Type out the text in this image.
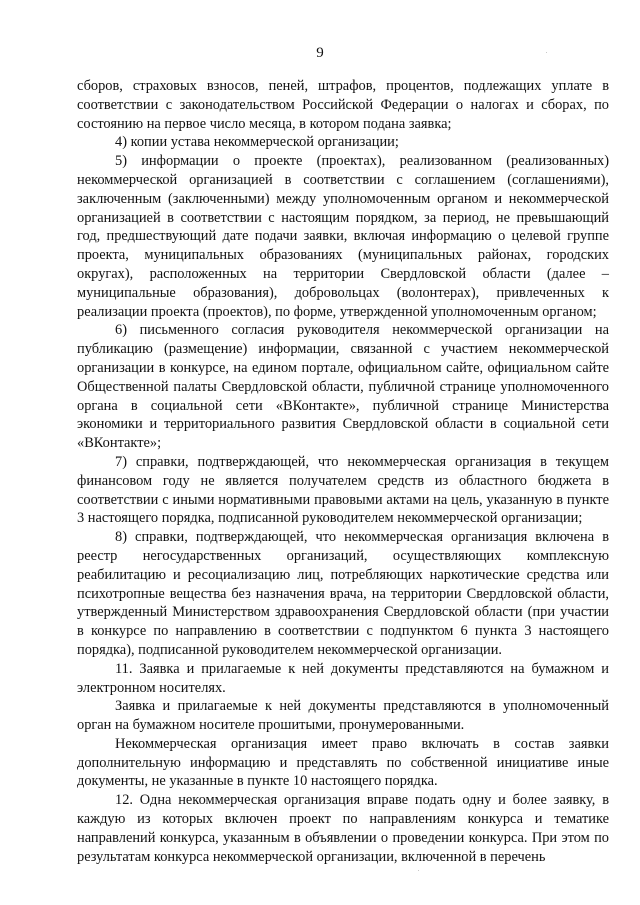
9

сборов, страховых взносов, пеней, штрафов, процентов, подлежащих уплате в соответствии с законодательством Российской Федерации о налогах и сборах, по состоянию на первое число месяца, в котором подана заявка;

4) копии устава некоммерческой организации;

5) информации о проекте (проектах), реализованном (реализованных) некоммерческой организацией в соответствии с соглашением (соглашениями), заключенным (заключенными) между уполномоченным органом и некоммерческой организацией в соответствии с настоящим порядком, за период, не превышающий год, предшествующий дате подачи заявки, включая информацию о целевой группе проекта, муниципальных образованиях (муниципальных районах, городских округах), расположенных на территории Свердловской области (далее – муниципальные образования), добровольцах (волонтерах), привлеченных к реализации проекта (проектов), по форме, утвержденной уполномоченным органом;

6) письменного согласия руководителя некоммерческой организации на публикацию (размещение) информации, связанной с участием некоммерческой организации в конкурсе, на едином портале, официальном сайте, официальном сайте Общественной палаты Свердловской области, публичной странице уполномоченного органа в социальной сети «ВКонтакте», публичной странице Министерства экономики и территориального развития Свердловской области в социальной сети «ВКонтакте»;

7) справки, подтверждающей, что некоммерческая организация в текущем финансовом году не является получателем средств из областного бюджета в соответствии с иными нормативными правовыми актами на цель, указанную в пункте 3 настоящего порядка, подписанной руководителем некоммерческой организации;

8) справки, подтверждающей, что некоммерческая организация включена в реестр негосударственных организаций, осуществляющих комплексную реабилитацию и ресоциализацию лиц, потребляющих наркотические средства или психотропные вещества без назначения врача, на территории Свердловской области, утвержденный Министерством здравоохранения Свердловской области (при участии в конкурсе по направлению в соответствии с подпунктом 6 пункта 3 настоящего порядка), подписанной руководителем некоммерческой организации.

11. Заявка и прилагаемые к ней документы представляются на бумажном и электронном носителях.

Заявка и прилагаемые к ней документы представляются в уполномоченный орган на бумажном носителе прошитыми, пронумерованными.

Некоммерческая организация имеет право включать в состав заявки дополнительную информацию и представлять по собственной инициативе иные документы, не указанные в пункте 10 настоящего порядка.

12. Одна некоммерческая организация вправе подать одну и более заявку, в каждую из которых включен проект по направлениям конкурса и тематике направлений конкурса, указанным в объявлении о проведении конкурса. При этом по результатам конкурса некоммерческой организации, включенной в перечень
